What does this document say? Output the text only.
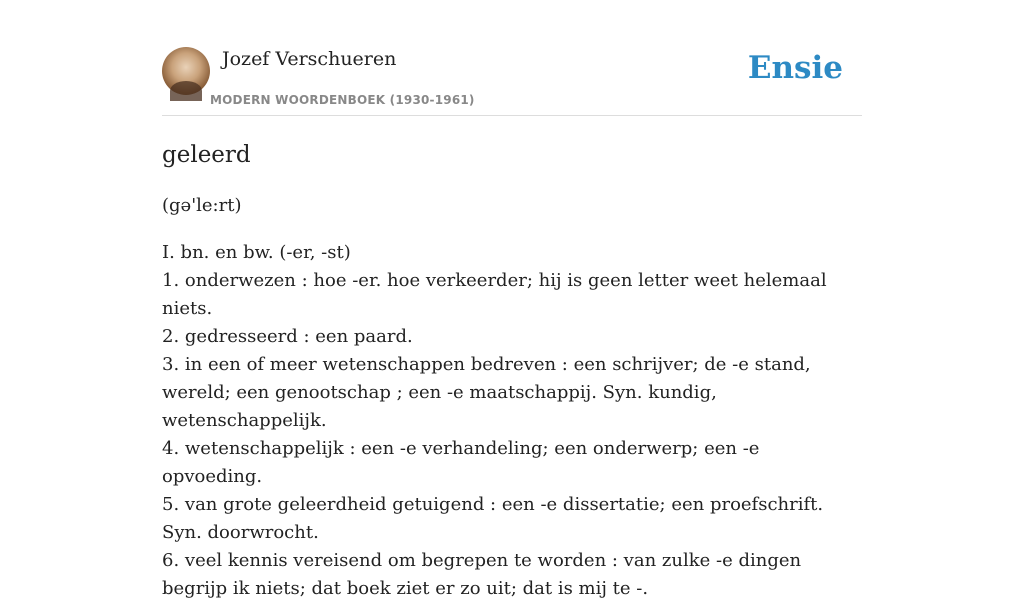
Jozef Verschueren
MODERN WOORDENBOEK (1930-1961)
Ensie
geleerd
(gə'le:rt)
I. bn. en bw. (-er, -st)
1. onderwezen : hoe -er. hoe verkeerder; hij is geen letter weet helemaal niets.
2. gedresseerd : een paard.
3. in een of meer wetenschappen bedreven : een schrijver; de -e stand, wereld; een genootschap ; een -e maatschappij. Syn. kundig, wetenschappelijk.
4. wetenschappelijk : een -e verhandeling; een onderwerp; een -e opvoeding.
5. van grote geleerdheid getuigend : een -e dissertatie; een proefschrift. Syn. doorwrocht.
6. veel kennis vereisend om begrepen te worden : van zulke -e dingen begrijp ik niets; dat boek ziet er zo uit; dat is mij te -.
